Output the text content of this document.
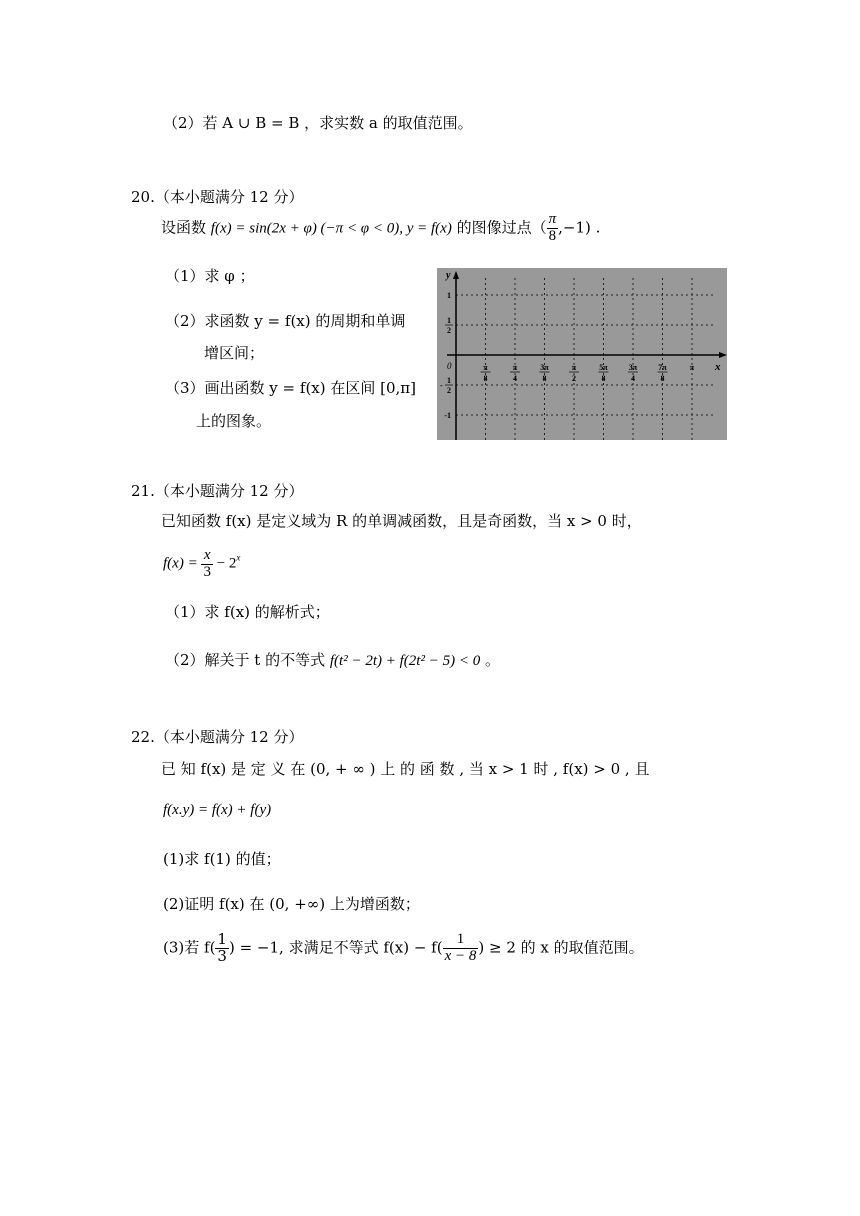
（2）若 A ∪ B = B ，求实数 a 的取值范围。
20.（本小题满分 12 分）
设函数 f(x) = sin(2x + φ) (−π < φ < 0), y = f(x) 的图像过点（ $\frac{\pi}{8} ,-1$) .
（1）求 φ ；
（2）求函数 y = f(x) 的周期和单调
增区间；
（3）画出函数 y = f(x) 在区间 [0,π]
上的图象。
y
x
0	π
8
π
4
3π
8
π
2
5π
8
3π
4
7π
8
π
1
1
2
-
1
2
-1
21.（本小题满分 12 分）
已知函数 f(x) 是定义域为 R 的单调减函数，且是奇函数，当 x > 0 时，
$f(x) = \frac{x}{3} - 2^x$
（1）求 f(x) 的解析式；
（2）解关于 t 的不等式 f(t² − 2t) + f(2t² − 5) < 0 。
22.（本小题满分 12 分）
已 知 f(x) 是 定 义 在 (0, + ∞ ) 上 的 函 数 , 当 x > 1 时 , f(x) > 0 , 且
f(x.y) = f(x) + f(y)
(1)求 f(1) 的值；
(2)证明 f(x) 在 (0, +∞) 上为增函数；
(3)若 $f( \frac{1}{3}$ ) = −1, 求满足不等式 $f(x) - f( \frac{1}{x - 8}$ ) ≥ 2 的 x 的取值范围。
